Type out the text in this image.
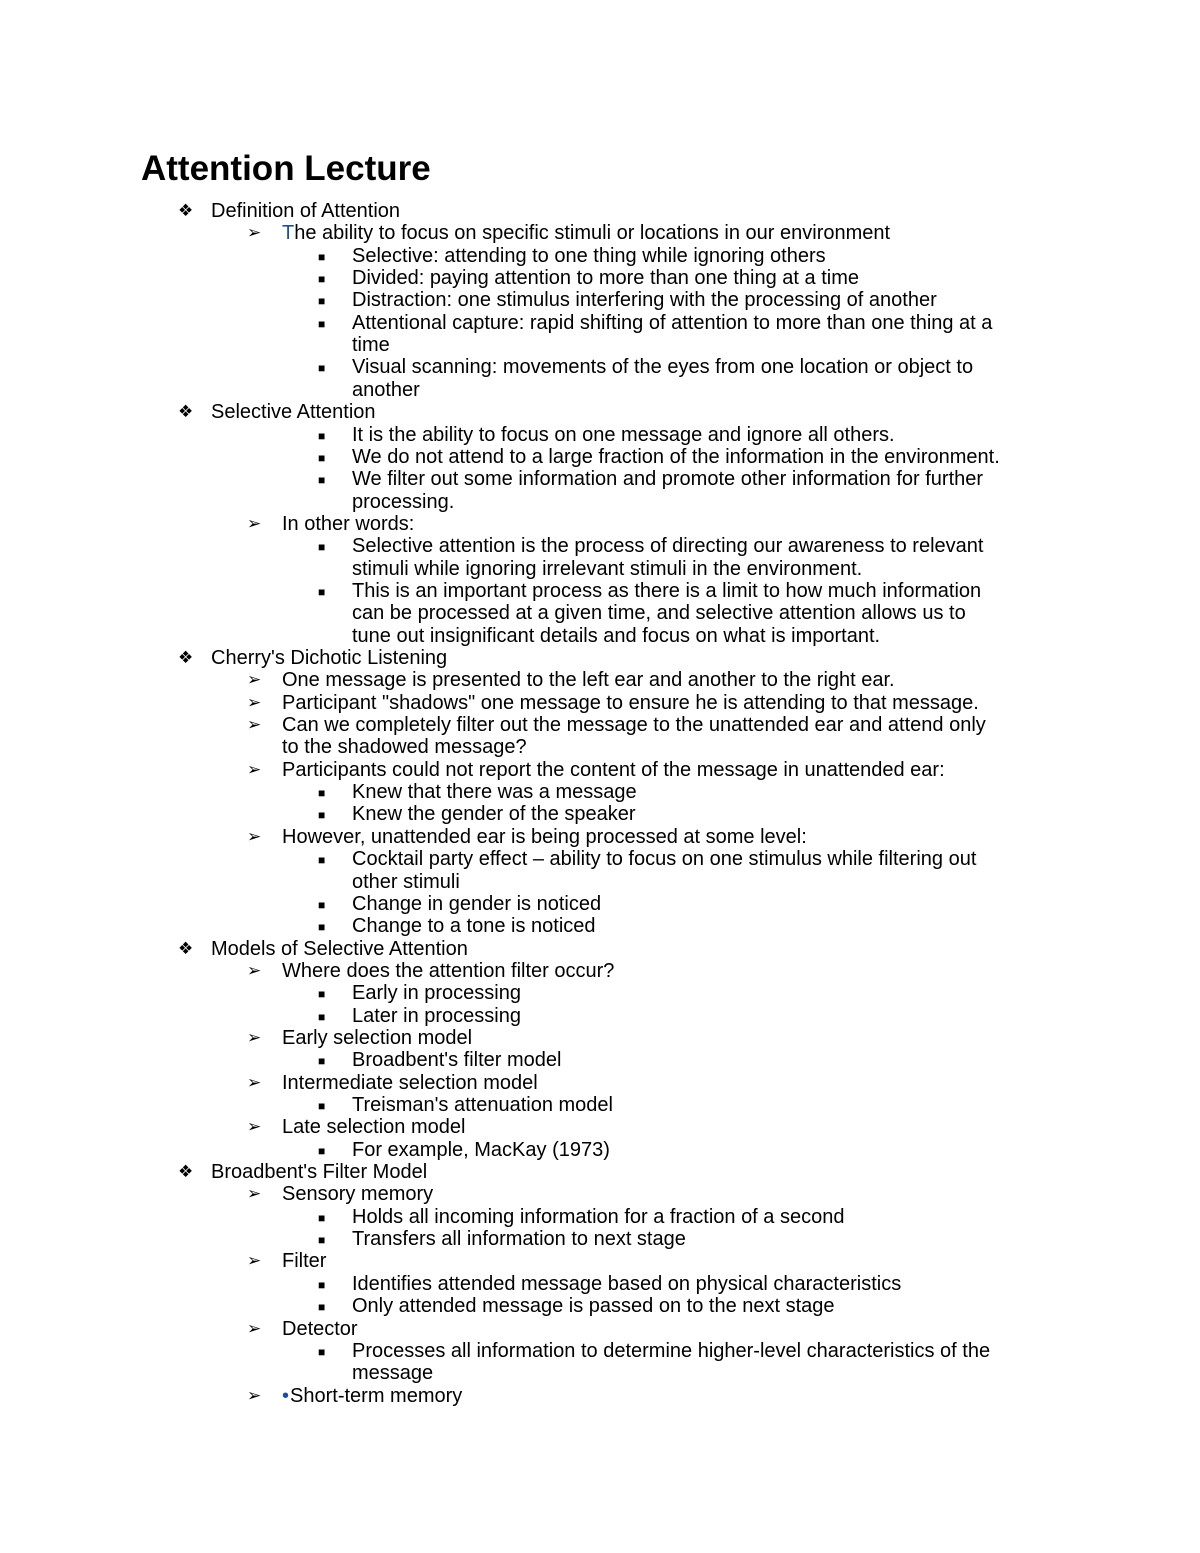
Attention Lecture
❖ Definition of Attention
➢ The ability to focus on specific stimuli or locations in our environment
■ Selective: attending to one thing while ignoring others
■ Divided: paying attention to more than one thing at a time
■ Distraction: one stimulus interfering with the processing of another
■ Attentional capture: rapid shifting of attention to more than one thing at a
time
■ Visual scanning: movements of the eyes from one location or object to
another
❖ Selective Attention
■ It is the ability to focus on one message and ignore all others.
■ We do not attend to a large fraction of the information in the environment.
■ We filter out some information and promote other information for further
processing.
➢ In other words:
■ Selective attention is the process of directing our awareness to relevant
stimuli while ignoring irrelevant stimuli in the environment.
■ This is an important process as there is a limit to how much information
can be processed at a given time, and selective attention allows us to
tune out insignificant details and focus on what is important.
❖ Cherry's Dichotic Listening
➢ One message is presented to the left ear and another to the right ear.
➢ Participant "shadows" one message to ensure he is attending to that message.
➢ Can we completely filter out the message to the unattended ear and attend only
to the shadowed message?
➢ Participants could not report the content of the message in unattended ear:
■ Knew that there was a message
■ Knew the gender of the speaker
➢ However, unattended ear is being processed at some level:
■ Cocktail party effect – ability to focus on one stimulus while filtering out
other stimuli
■ Change in gender is noticed
■ Change to a tone is noticed
❖ Models of Selective Attention
➢ Where does the attention filter occur?
■ Early in processing
■ Later in processing
➢ Early selection model
■ Broadbent's filter model
➢ Intermediate selection model
■ Treisman's attenuation model
➢ Late selection model
■ For example, MacKay (1973)
❖ Broadbent's Filter Model
➢ Sensory memory
■ Holds all incoming information for a fraction of a second
■ Transfers all information to next stage
➢ Filter
■ Identifies attended message based on physical characteristics
■ Only attended message is passed on to the next stage
➢ Detector
■ Processes all information to determine higher-level characteristics of the
message
➢ •Short-term memory
